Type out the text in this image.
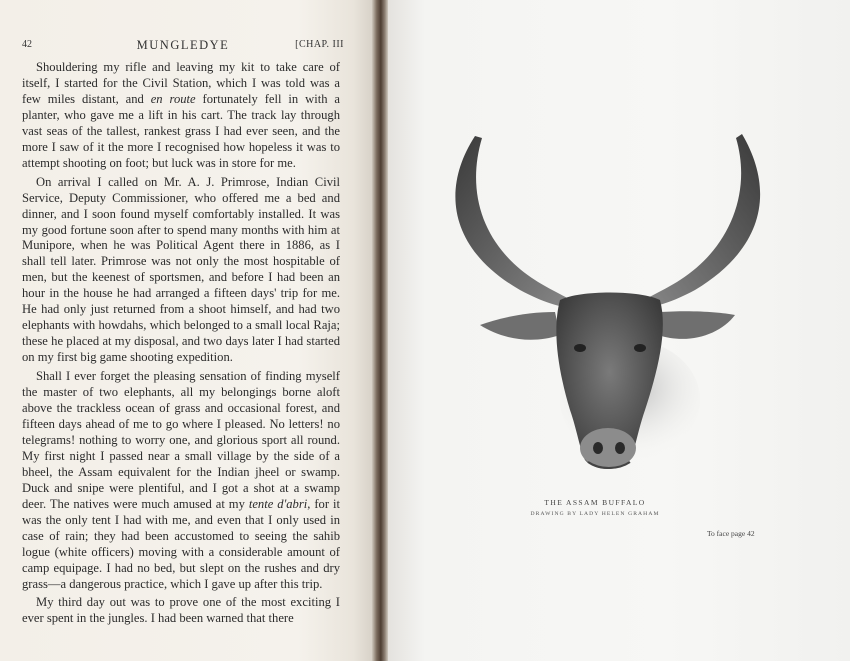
42	MUNGLEDYE	[CHAP. III

Shouldering my rifle and leaving my kit to take care of itself, I started for the Civil Station, which I was told was a few miles distant, and en route fortunately fell in with a planter, who gave me a lift in his cart. The track lay through vast seas of the tallest, rankest grass I had ever seen, and the more I saw of it the more I recognised how hopeless it was to attempt shooting on foot; but luck was in store for me.

On arrival I called on Mr. A. J. Primrose, Indian Civil Service, Deputy Commissioner, who offered me a bed and dinner, and I soon found myself comfortably installed. It was my good fortune soon after to spend many months with him at Munipore, when he was Political Agent there in 1886, as I shall tell later. Primrose was not only the most hospitable of men, but the keenest of sportsmen, and before I had been an hour in the house he had arranged a fifteen days' trip for me. He had only just returned from a shoot himself, and had two elephants with howdahs, which belonged to a small local Raja; these he placed at my disposal, and two days later I had started on my first big game shooting expedition.

Shall I ever forget the pleasing sensation of finding myself the master of two elephants, all my belongings borne aloft above the trackless ocean of grass and occasional forest, and fifteen days ahead of me to go where I pleased. No letters! no telegrams! nothing to worry one, and glorious sport all round. My first night I passed near a small village by the side of a bheel, the Assam equivalent for the Indian jheel or swamp. Duck and snipe were plentiful, and I got a shot at a swamp deer. The natives were much amused at my tente d'abri, for it was the only tent I had with me, and even that I only used in case of rain; they had been accustomed to seeing the sahib logue (white officers) moving with a considerable amount of camp equipage. I had no bed, but slept on the rushes and dry grass—a dangerous practice, which I gave up after this trip.

My third day out was to prove one of the most exciting I ever spent in the jungles. I had been warned that there

THE ASSAM BUFFALO
DRAWING BY LADY HELEN GRAHAM
To face page 42
